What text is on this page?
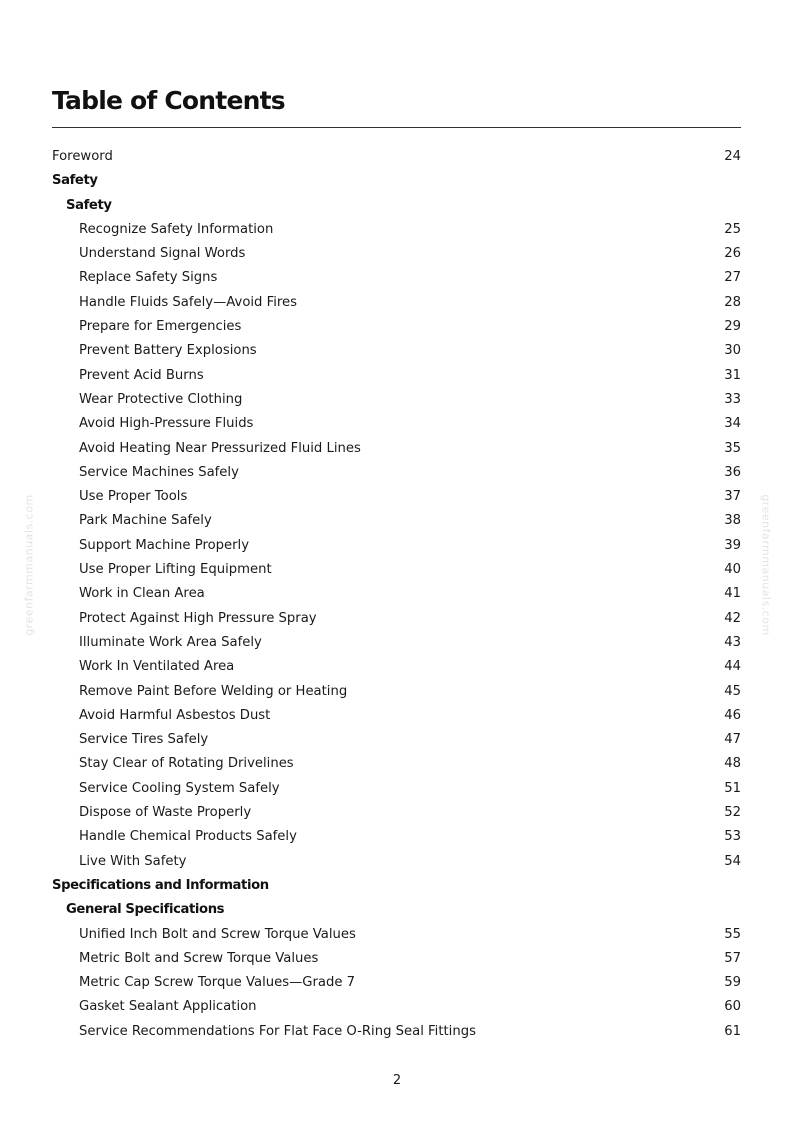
greenfarmmanuals.com	greenfarmmanuals.com
Table of Contents
Foreword	24
Safety
Safety
Recognize Safety Information	25
Understand Signal Words	26
Replace Safety Signs	27
Handle Fluids Safely—Avoid Fires	28
Prepare for Emergencies	29
Prevent Battery Explosions	30
Prevent Acid Burns	31
Wear Protective Clothing	33
Avoid High-Pressure Fluids	34
Avoid Heating Near Pressurized Fluid Lines	35
Service Machines Safely	36
Use Proper Tools	37
Park Machine Safely	38
Support Machine Properly	39
Use Proper Lifting Equipment	40
Work in Clean Area	41
Protect Against High Pressure Spray	42
Illuminate Work Area Safely	43
Work In Ventilated Area	44
Remove Paint Before Welding or Heating	45
Avoid Harmful Asbestos Dust	46
Service Tires Safely	47
Stay Clear of Rotating Drivelines	48
Service Cooling System Safely	51
Dispose of Waste Properly	52
Handle Chemical Products Safely	53
Live With Safety	54
Specifications and Information
General Specifications
Unified Inch Bolt and Screw Torque Values	55
Metric Bolt and Screw Torque Values	57
Metric Cap Screw Torque Values—Grade 7	59
Gasket Sealant Application	60
Service Recommendations For Flat Face O-Ring Seal Fittings	61
2
